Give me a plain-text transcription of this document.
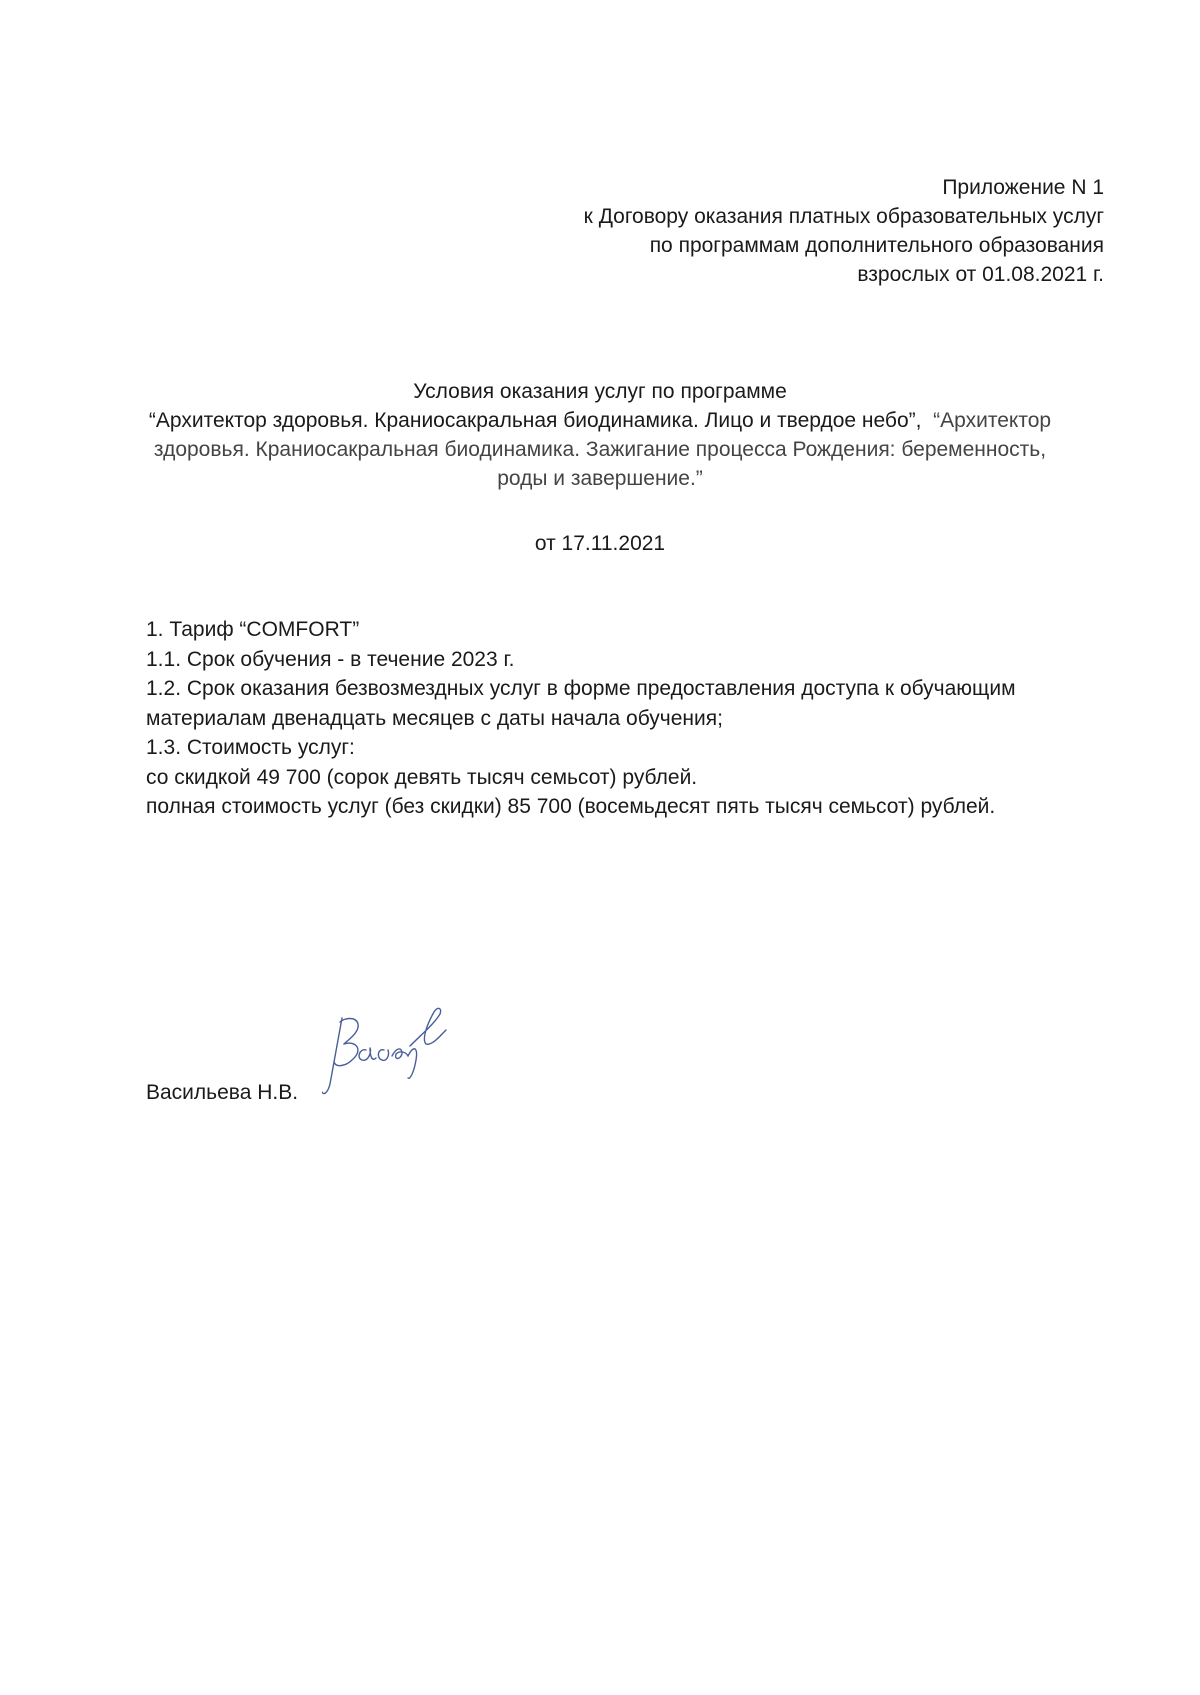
Приложение N 1
к Договору оказания платных образовательных услуг
по программам дополнительного образования
взрослых от 01.08.2021 г.
Условия оказания услуг по программе
“Архитектор здоровья. Краниосакральная биодинамика. Лицо и твердое небо”, “Архитектор
здоровья. Краниосакральная биодинамика. Зажигание процесса Рождения: беременность,
роды и завершение.”
от 17.11.2021
1. Тариф “COMFORT”
1.1. Срок обучения - в течение 2023 г.
1.2. Срок оказания безвозмездных услуг в форме предоставления доступа к обучающим
материалам двенадцать месяцев с даты начала обучения;
1.3. Стоимость услуг:
со скидкой 49 700 (сорок девять тысяч семьсот) рублей.
полная стоимость услуг (без скидки) 85 700 (восемьдесят пять тысяч семьсот) рублей.
Васильева Н.В.
